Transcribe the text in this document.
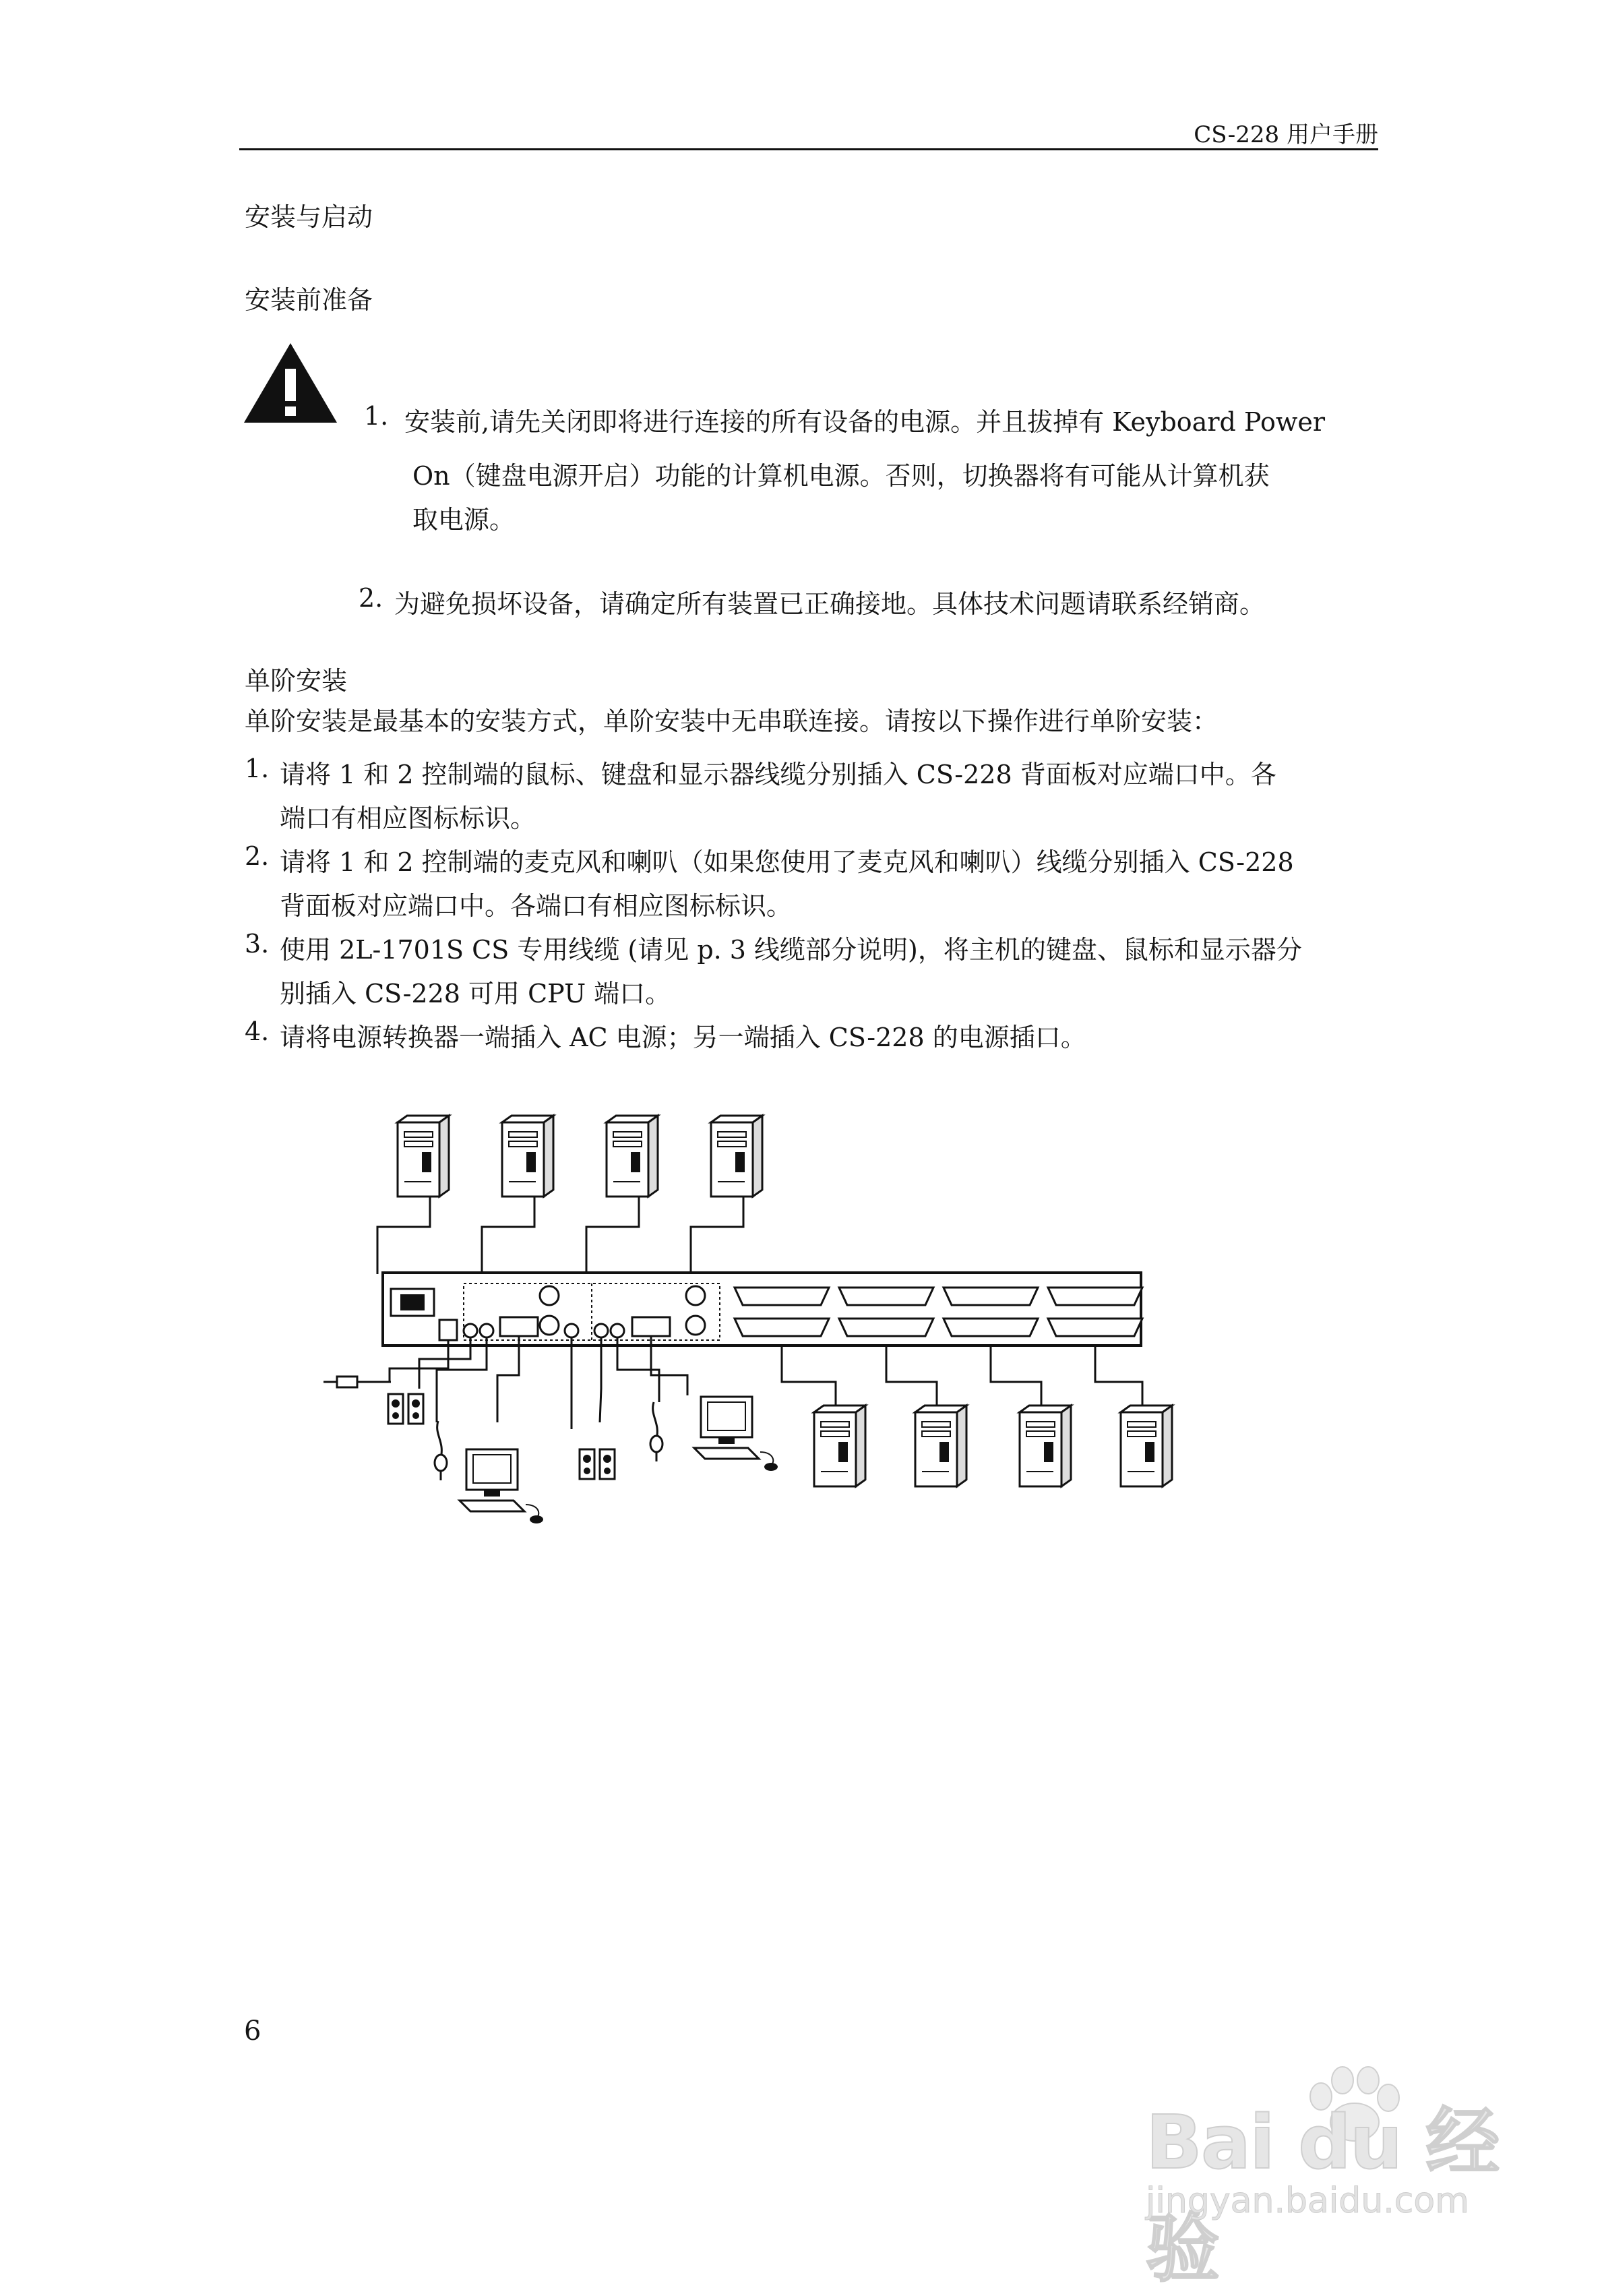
CS-228 用户手册
安装与启动
安装前准备
1. 安装前,请先关闭即将进行连接的所有设备的电源。并且拔掉有 Keyboard Power
On（键盘电源开启）功能的计算机电源。否则，切换器将有可能从计算机获
取电源。
2. 为避免损坏设备，请确定所有装置已正确接地。具体技术问题请联系经销商。
单阶安装
单阶安装是最基本的安装方式，单阶安装中无串联连接。请按以下操作进行单阶安装：
1. 请将 1 和 2 控制端的鼠标、键盘和显示器线缆分别插入 CS-228 背面板对应端口中。各
端口有相应图标标识。
2. 请将 1 和 2 控制端的麦克风和喇叭（如果您使用了麦克风和喇叭）线缆分别插入 CS-228
背面板对应端口中。各端口有相应图标标识。
3. 使用 2L-1701S CS 专用线缆 (请见 p. 3 线缆部分说明)，将主机的键盘、鼠标和显示器分
别插入 CS-228 可用 CPU 端口。
4. 请将电源转换器一端插入 AC 电源；另一端插入 CS-228 的电源插口。
6
Bai du 经验
jingyan.baidu.com
